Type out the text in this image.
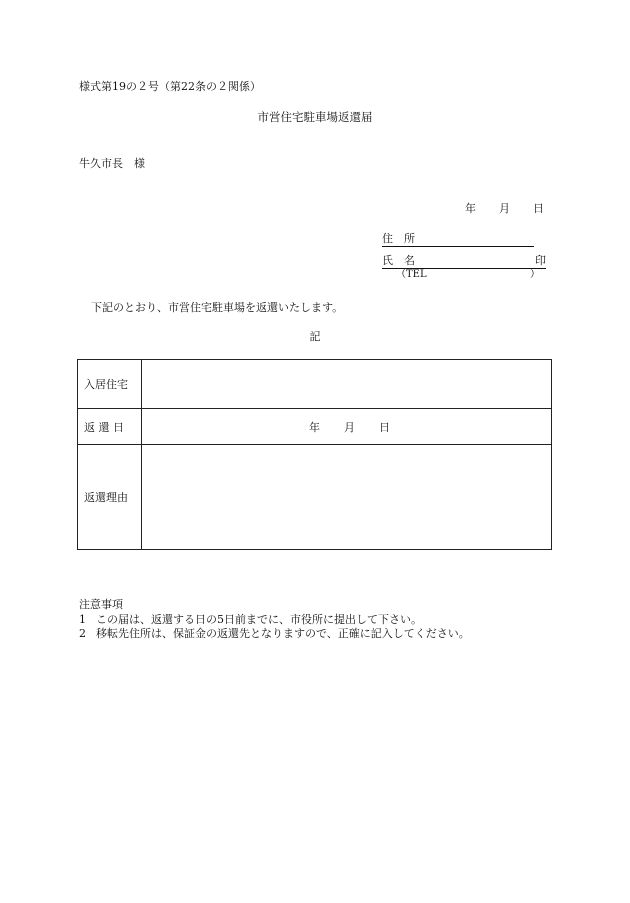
様式第19の２号（第22条の２関係）
市営住宅駐車場返還届
牛久市長　様
年 月 日
住　所
氏　名	印
（TEL	）
下記のとおり、市営住宅駐車場を返還いたします。
記
入居住宅	
返 還 日	年 月 日
返還理由	
注意事項
1 この届は、返還する日の5日前までに、市役所に提出して下さい。
2 移転先住所は、保証金の返還先となりますので、正確に記入してください。
